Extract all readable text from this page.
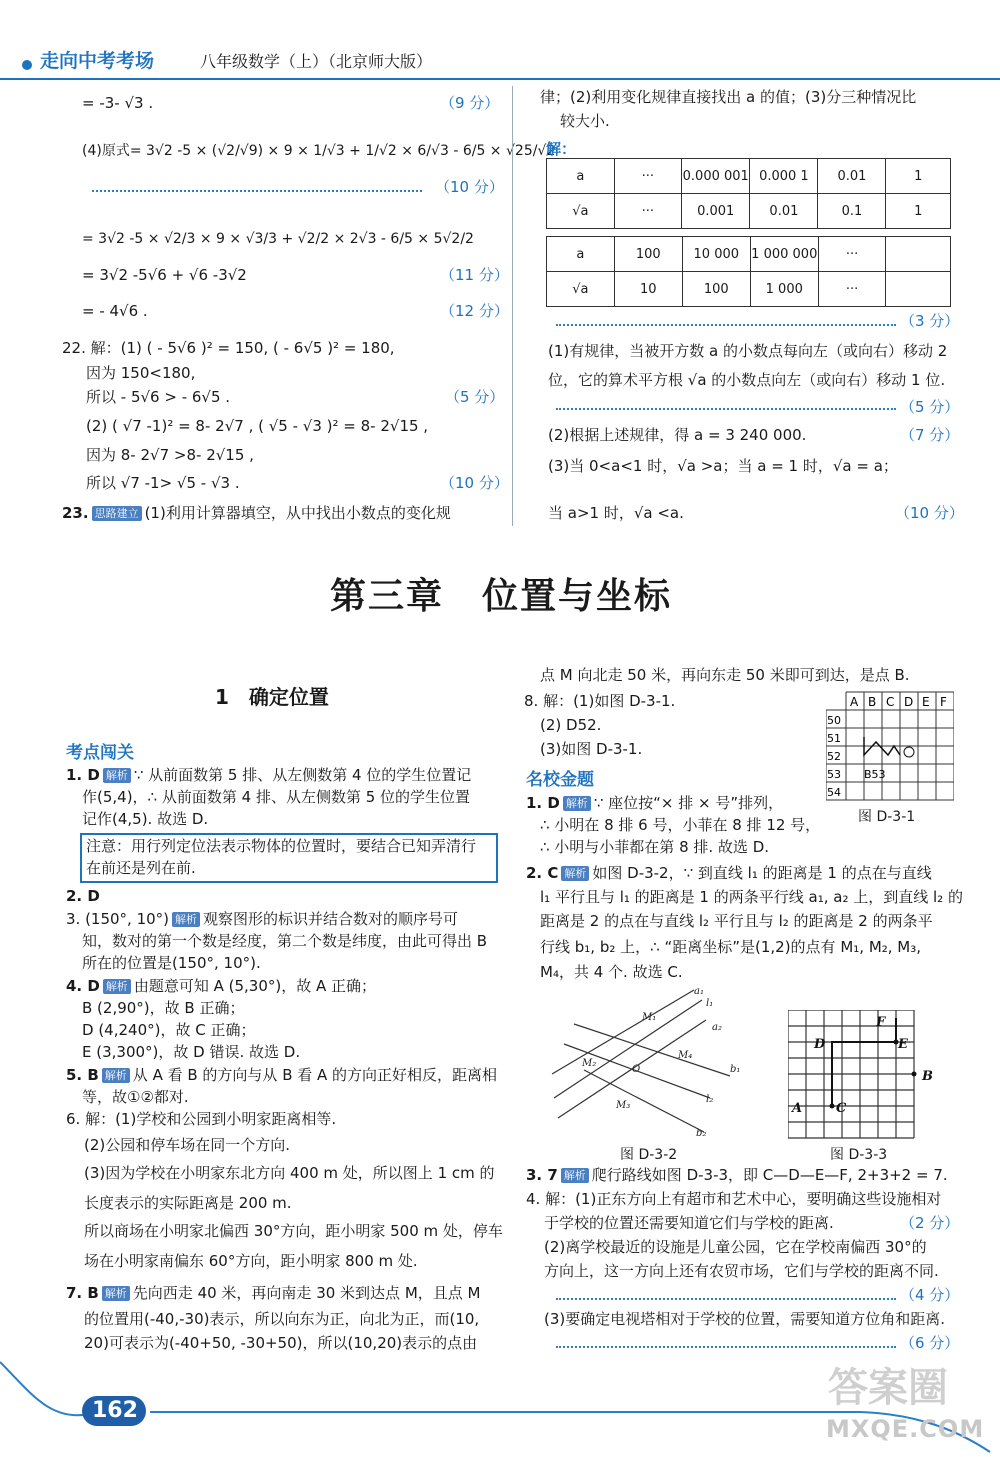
走向中考考场	八年级数学（上）（北京师大版）
= -3- √3 .	（9 分）
(4)原式= 3√2 -5 × (√2/√9) × 9 × 1/√3 + 1/√2 × 6/√3 - 6/5 × √25/√2
（10 分）
= 3√2 -5 × √2/3 × 9 × √3/3 + √2/2 × 2√3 - 6/5 × 5√2/2
= 3√2 -5√6 + √6 -3√2	（11 分）
= - 4√6 .	（12 分）
22. 解：(1) ( - 5√6 )² = 150, ( - 6√5 )² = 180,
因为 150<180,
所以 - 5√6 > - 6√5 .	（5 分）
(2) ( √7 -1)² = 8- 2√7 , ( √5 - √3 )² = 8- 2√15 ,
因为 8- 2√7 >8- 2√15 ,
所以 √7 -1> √5 - √3 .	（10 分）
23. 思路建立 (1)利用计算器填空，从中找出小数点的变化规
律；(2)利用变化规律直接找出 a 的值；(3)分三种情况比
较大小.
解：
a	···	0.000 001	0.000 1	0.01	1
√a	···	0.001	0.01	0.1	1
a	100	10 000	1 000 000	···	
√a	10	100	1 000	···	
（3 分）
(1)有规律，当被开方数 a 的小数点每向左（或向右）移动 2
位，它的算术平方根 √a 的小数点向左（或向右）移动 1 位.
（5 分）
(2)根据上述规律，得 a = 3 240 000.	（7 分）
(3)当 0<a<1 时，√a >a；当 a = 1 时，√a = a；
当 a>1 时，√a <a.	（10 分）
第三章　位置与坐标
1　确定位置
考点闯关
1. D 解析 ∵ 从前面数第 5 排、从左侧数第 4 位的学生位置记
作(5,4)，∴ 从前面数第 4 排、从左侧数第 5 位的学生位置
记作(4,5). 故选 D.
注意：用行列定位法表示物体的位置时，要结合已知弄清行
在前还是列在前.
2. D
3. (150°, 10°) 解析 观察图形的标识并结合数对的顺序号可
知，数对的第一个数是经度，第二个数是纬度，由此可得出 B
所在的位置是(150°, 10°).
4. D 解析 由题意可知 A (5,30°)，故 A 正确；
B (2,90°)，故 B 正确；
D (4,240°)，故 C 正确；
E (3,300°)，故 D 错误. 故选 D.
5. B 解析 从 A 看 B 的方向与从 B 看 A 的方向正好相反，距离相
等，故①②都对.
6. 解：(1)学校和公园到小明家距离相等.
(2)公园和停车场在同一个方向.
(3)因为学校在小明家东北方向 400 m 处，所以图上 1 cm 的
长度表示的实际距离是 200 m.
所以商场在小明家北偏西 30°方向，距小明家 500 m 处，停车
场在小明家南偏东 60°方向，距小明家 800 m 处.
7. B 解析 先向西走 40 米，再向南走 30 米到达点 M，且点 M
的位置用(-40,-30)表示，所以向东为正，向北为正，而(10,
20)可表示为(-40+50, -30+50)，所以(10,20)表示的点由
点 M 向北走 50 米，再向东走 50 米即可到达，是点 B.
8. 解：(1)如图 D-3-1.
(2) D52.
(3)如图 D-3-1.
A B C D E F
50
51
52
53
54
B53
图 D-3-1
名校金题
1. D 解析 ∵ 座位按“× 排 × 号”排列，
∴ 小明在 8 排 6 号，小菲在 8 排 12 号，
∴ 小明与小菲都在第 8 排. 故选 D.
2. C 解析 如图 D-3-2，∵ 到直线 l₁ 的距离是 1 的点在与直线
l₁ 平行且与 l₁ 的距离是 1 的两条平行线 a₁, a₂ 上，到直线 l₂ 的
距离是 2 的点在与直线 l₂ 平行且与 l₂ 的距离是 2 的两条平
行线 b₁, b₂ 上，∴ “距离坐标”是(1,2)的点有 M₁, M₂, M₃,
M₄，共 4 个. 故选 C.
a₁
l₁
a₂
M₁
M₂
M₄
O	b₁
M₃
l₂
b₂
图 D-3-2
F
D	E
B
A	C
图 D-3-3
3. 7 解析 爬行路线如图 D-3-3，即 C—D—E—F, 2+3+2 = 7.
4. 解：(1)正东方向上有超市和艺术中心，要明确这些设施相对
于学校的位置还需要知道它们与学校的距离.	（2 分）
(2)离学校最近的设施是儿童公园，它在学校南偏西 30°的
方向上，这一方向上还有农贸市场，它们与学校的距离不同.
（4 分）
(3)要确定电视塔相对于学校的位置，需要知道方位角和距离.
（6 分）
162	答案圈
MXQE.COM
